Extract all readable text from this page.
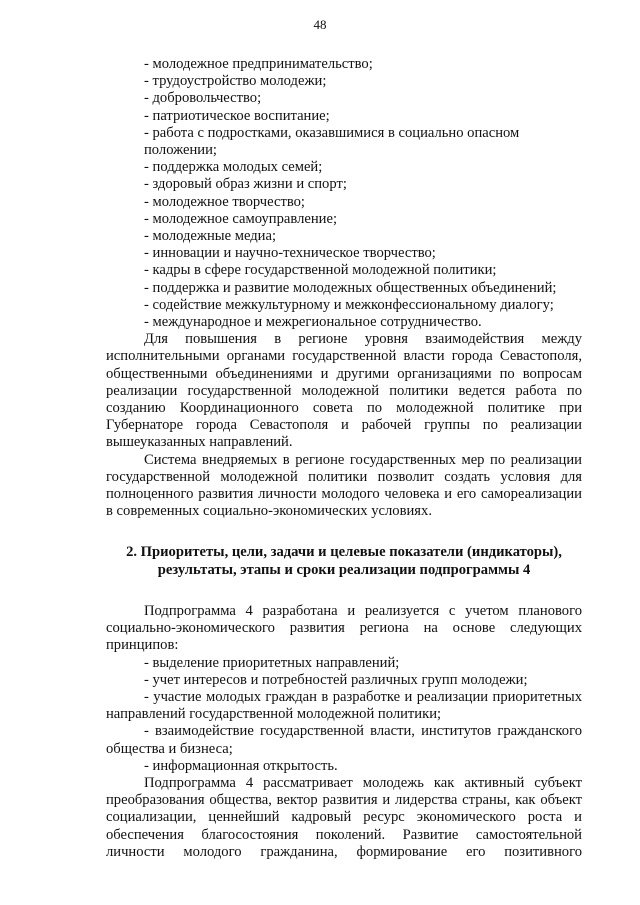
48
- молодежное предпринимательство;
- трудоустройство молодежи;
- добровольчество;
- патриотическое воспитание;
- работа с подростками, оказавшимися в социально опасном положении;
- поддержка молодых семей;
- здоровый образ жизни и спорт;
- молодежное творчество;
- молодежное самоуправление;
- молодежные медиа;
- инновации и научно-техническое творчество;
- кадры в сфере государственной молодежной политики;
- поддержка и развитие молодежных общественных объединений;
- содействие межкультурному и межконфессиональному диалогу;
- международное и межрегиональное сотрудничество.
Для повышения в регионе уровня взаимодействия между исполнительными органами государственной власти города Севастополя, общественными объединениями и другими организациями по вопросам реализации государственной молодежной политики ведется работа по созданию Координационного совета по молодежной политике при Губернаторе города Севастополя и рабочей группы по реализации вышеуказанных направлений.
Система внедряемых в регионе государственных мер по реализации государственной молодежной политики позволит создать условия для полноценного развития личности молодого человека и его самореализации в современных социально-экономических условиях.
2. Приоритеты, цели, задачи и целевые показатели (индикаторы), результаты, этапы и сроки реализации подпрограммы 4
Подпрограмма 4 разработана и реализуется с учетом планового социально-экономического развития региона на основе следующих принципов:
- выделение приоритетных направлений;
- учет интересов и потребностей различных групп молодежи;
- участие молодых граждан в разработке и реализации приоритетных направлений государственной молодежной политики;
- взаимодействие государственной власти, институтов гражданского общества и бизнеса;
- информационная открытость.
Подпрограмма 4 рассматривает молодежь как активный субъект преобразования общества, вектор развития и лидерства страны, как объект социализации, ценнейший кадровый ресурс экономического роста и обеспечения благосостояния поколений. Развитие самостоятельной личности молодого гражданина, формирование его позитивного
